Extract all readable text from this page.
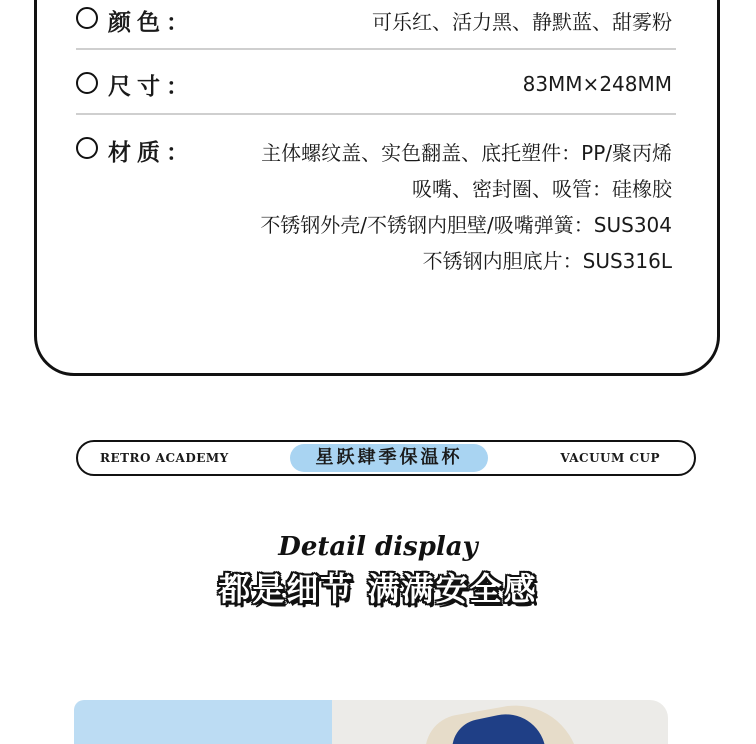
颜色：	可乐红、活力黑、静默蓝、甜雾粉
尺寸：	83MM×248MM
材质：	主体螺纹盖、实色翻盖、底托塑件：PP/聚丙烯
吸嘴、密封圈、吸管：硅橡胶
不锈钢外壳/不锈钢内胆壁/吸嘴弹簧：SUS304
不锈钢内胆底片：SUS316L
RETRO ACADEMY	星跃肆季保温杯	VACUUM CUP
Detail display
都是细节 满满安全感
